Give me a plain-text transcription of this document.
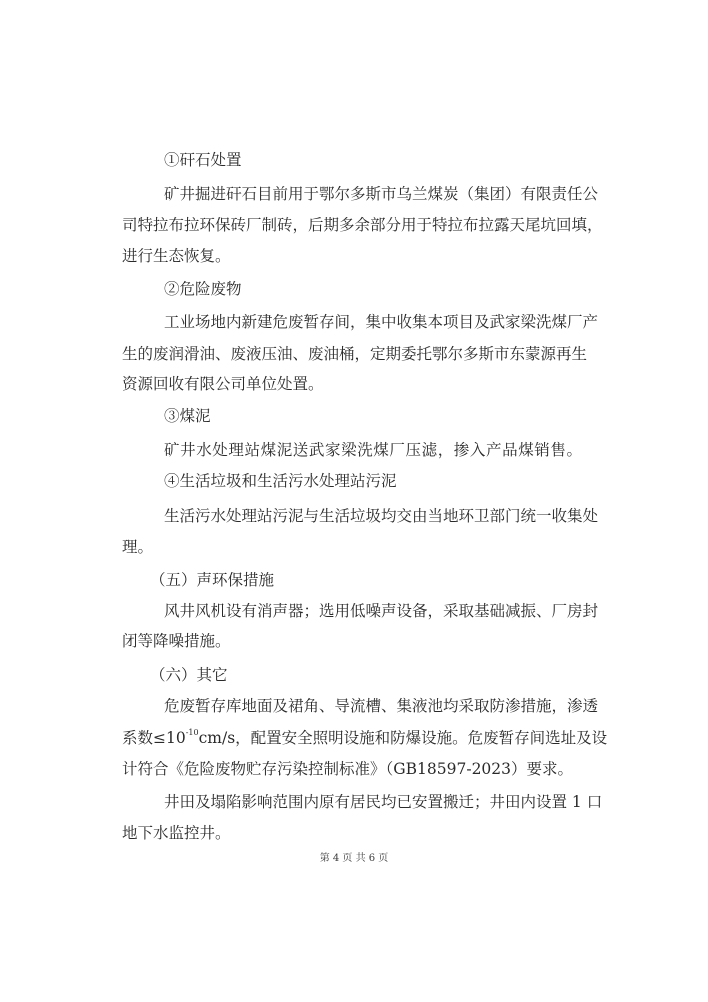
①矸石处置

矿井掘进矸石目前用于鄂尔多斯市乌兰煤炭（集团）有限责任公

司特拉布拉环保砖厂制砖，后期多余部分用于特拉布拉露天尾坑回填，

进行生态恢复。

②危险废物

工业场地内新建危废暂存间，集中收集本项目及武家梁洗煤厂产

生的废润滑油、废液压油、废油桶，定期委托鄂尔多斯市东蒙源再生

资源回收有限公司单位处置。

③煤泥

矿井水处理站煤泥送武家梁洗煤厂压滤，掺入产品煤销售。

④生活垃圾和生活污水处理站污泥

生活污水处理站污泥与生活垃圾均交由当地环卫部门统一收集处

理。

（五）声环保措施

风井风机设有消声器；选用低噪声设备，采取基础减振、厂房封

闭等降噪措施。

（六）其它

危废暂存库地面及裙角、导流槽、集液池均采取防渗措施，渗透

系数$\le 10^{-10}cm/s$，配置安全照明设施和防爆设施。危废暂存间选址及设

计符合《危险废物贮存污染控制标准》（GB18597-2023）要求。

井田及塌陷影响范围内原有居民均已安置搬迁；井田内设置 1 口

地下水监控井。

第 4 页 共 6 页
